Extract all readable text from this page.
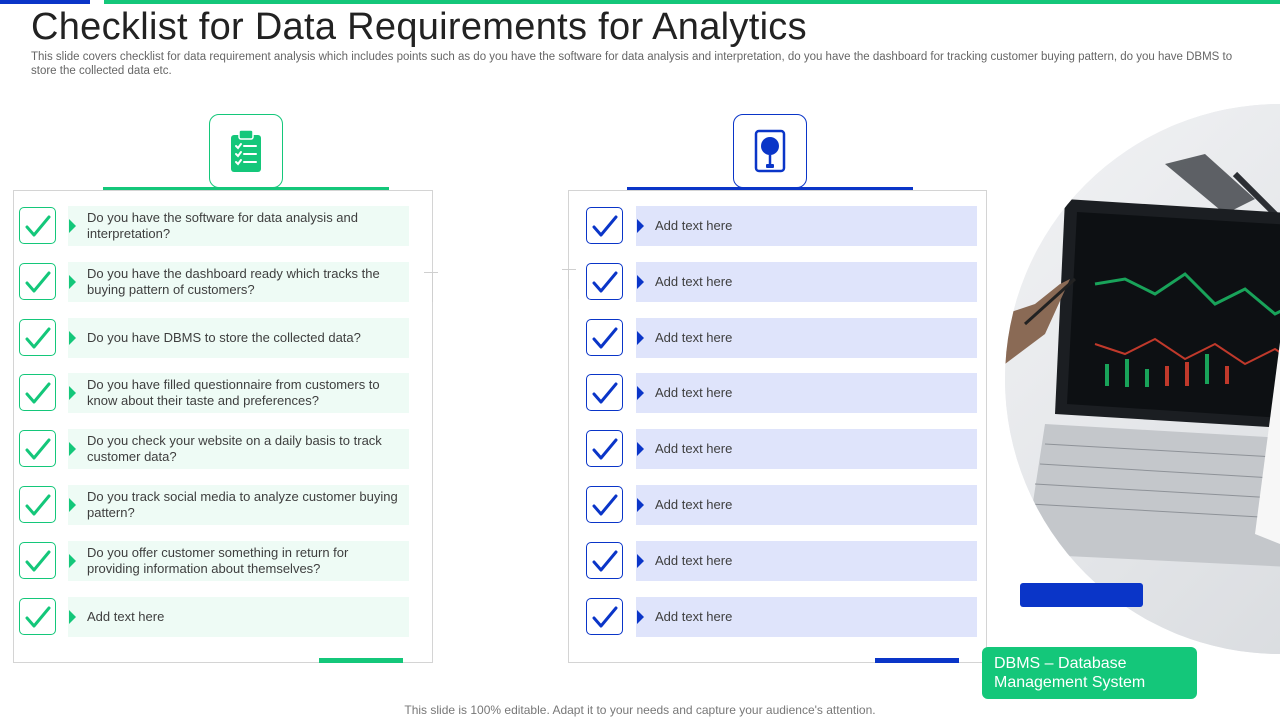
Checklist for Data Requirements for Analytics

This slide covers checklist for data requirement analysis which includes points such as do you have the software for data analysis and interpretation, do you have the dashboard for tracking customer buying pattern, do you have DBMS to store the collected data etc.

Do you have the software for data analysis and interpretation?
Do you have the dashboard ready which tracks the buying pattern of customers?
Do you have DBMS to store the collected data?
Do you have filled questionnaire from customers to know about their taste and preferences?
Do you check your website on a daily basis to track customer data?
Do you track social media to analyze customer buying pattern?
Do you offer customer something in return for providing information about themselves?
Add text here
Add text here
Add text here
Add text here
Add text here
Add text here
Add text here
Add text here
Add text here
DBMS – Database Management System
This slide is 100% editable. Adapt it to your needs and capture your audience's attention.
